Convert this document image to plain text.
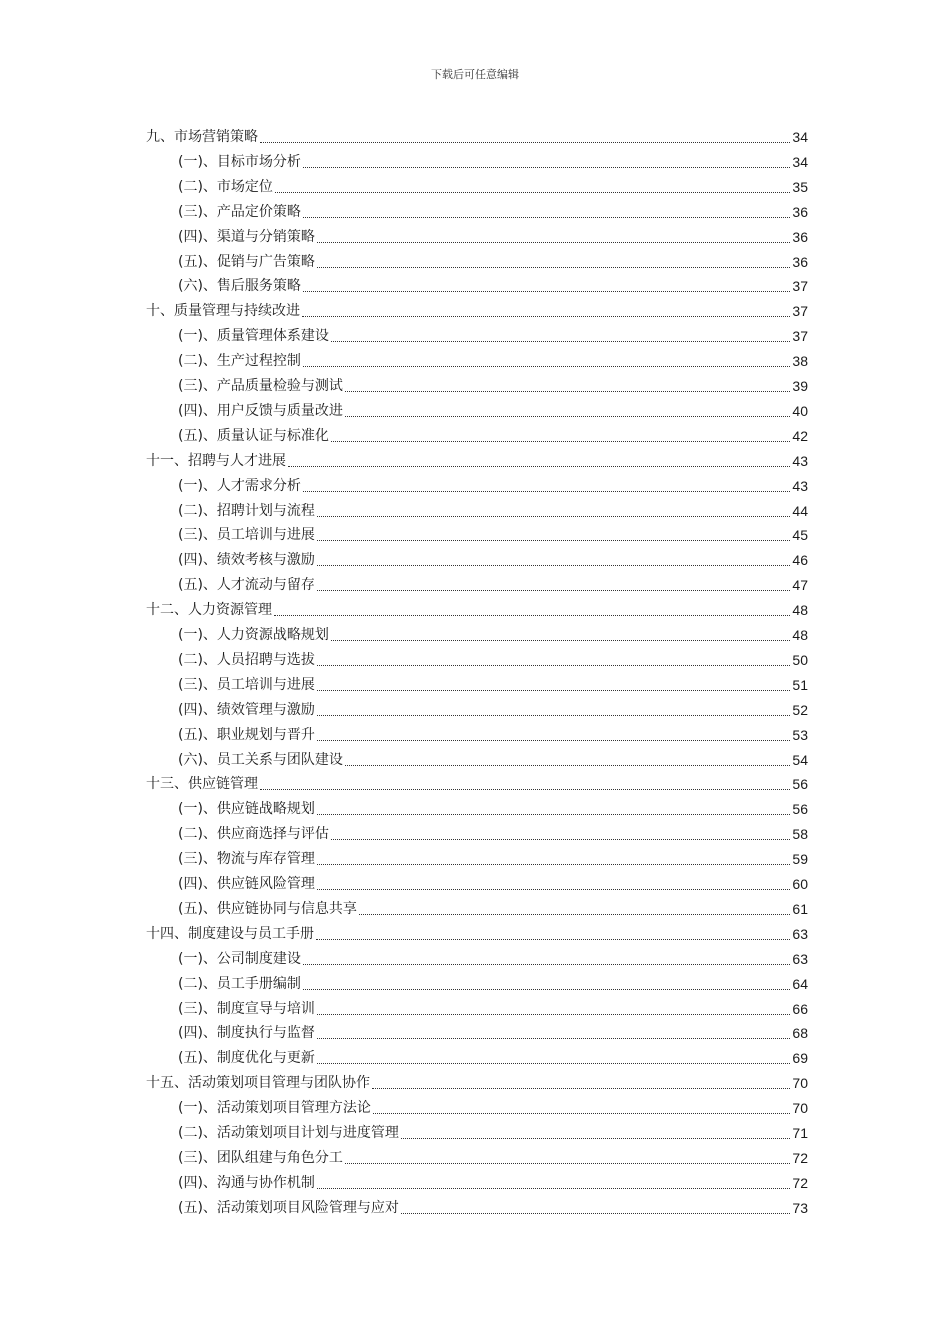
下载后可任意编辑
九、市场营销策略	34
(一)、目标市场分析	34
(二)、市场定位	35
(三)、产品定价策略	36
(四)、渠道与分销策略	36
(五)、促销与广告策略	36
(六)、售后服务策略	37
十、质量管理与持续改进	37
(一)、质量管理体系建设	37
(二)、生产过程控制	38
(三)、产品质量检验与测试	39
(四)、用户反馈与质量改进	40
(五)、质量认证与标准化	42
十一、招聘与人才进展	43
(一)、人才需求分析	43
(二)、招聘计划与流程	44
(三)、员工培训与进展	45
(四)、绩效考核与激励	46
(五)、人才流动与留存	47
十二、人力资源管理	48
(一)、人力资源战略规划	48
(二)、人员招聘与选拔	50
(三)、员工培训与进展	51
(四)、绩效管理与激励	52
(五)、职业规划与晋升	53
(六)、员工关系与团队建设	54
十三、供应链管理	56
(一)、供应链战略规划	56
(二)、供应商选择与评估	58
(三)、物流与库存管理	59
(四)、供应链风险管理	60
(五)、供应链协同与信息共享	61
十四、制度建设与员工手册	63
(一)、公司制度建设	63
(二)、员工手册编制	64
(三)、制度宣导与培训	66
(四)、制度执行与监督	68
(五)、制度优化与更新	69
十五、活动策划项目管理与团队协作	70
(一)、活动策划项目管理方法论	70
(二)、活动策划项目计划与进度管理	71
(三)、团队组建与角色分工	72
(四)、沟通与协作机制	72
(五)、活动策划项目风险管理与应对	73
